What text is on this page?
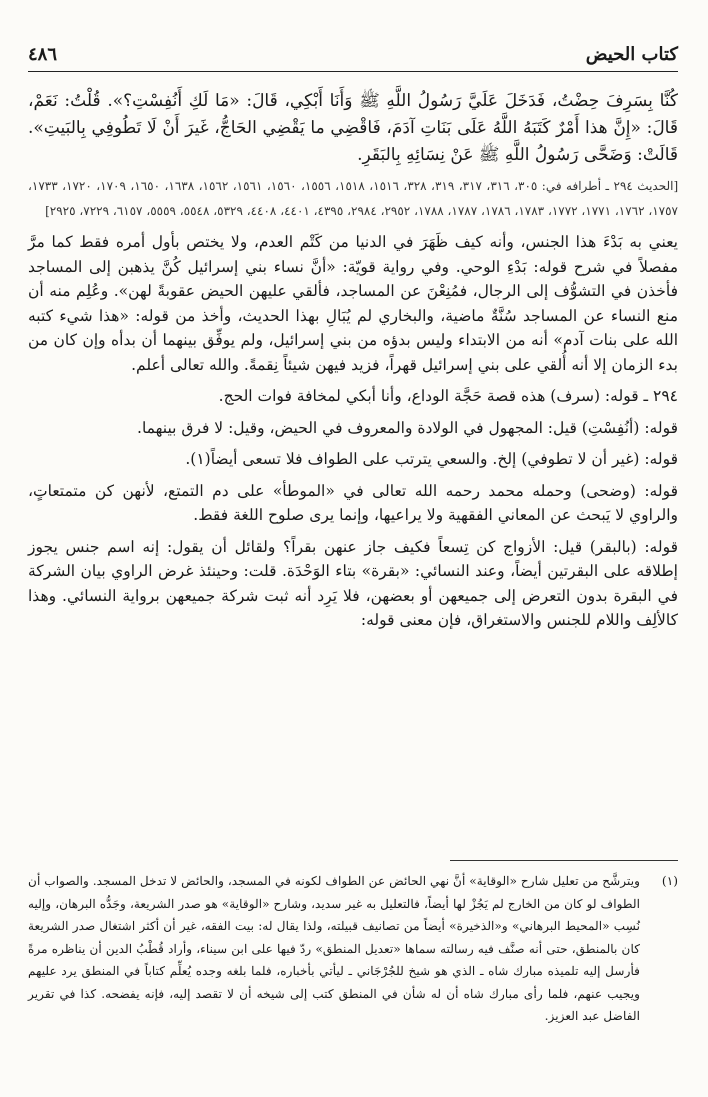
٤٨٦	كتاب الحيض
كُنَّا بِسَرِفَ حِضْتُ، فَدَخَلَ عَلَيَّ رَسُولُ اللَّهِ ﷺ وَأَنَا أَبْكِي، قَالَ: «مَا لَكِ أَنُفِسْتِ؟». قُلْتُ: نَعَمْ، قَالَ: «إِنَّ هذا أَمْرٌ كَتَبَهُ اللَّهُ عَلَى بَنَاتِ آدَمَ، فَاقْضِي ما يَقْضِي الحَاجُّ، غَيرَ أَنْ لَا تَطُوفِي بِالبَيتِ». قَالَتْ: وَضَحَّى رَسُولُ اللَّهِ ﷺ عَنْ نِسَائِهِ بِالبَقَرِ.
[الحديث ٢٩٤ ـ أطرافه في: ٣٠٥، ٣١٦، ٣١٧، ٣١٩، ٣٢٨، ١٥١٦، ١٥١٨، ١٥٥٦، ١٥٦٠، ١٥٦١، ١٥٦٢، ١٦٣٨، ١٦٥٠، ١٧٠٩، ١٧٢٠، ١٧٣٣، ١٧٥٧، ١٧٦٢، ١٧٧١، ١٧٧٢، ١٧٨٣، ١٧٨٦، ١٧٨٧، ١٧٨٨، ٢٩٥٢، ٢٩٨٤، ٤٣٩٥، ٤٤٠١، ٤٤٠٨، ٥٣٢٩، ٥٥٤٨، ٥٥٥٩، ٦١٥٧، ٧٢٢٩، ٢٩٢٥]
يعني به بَدْءَ هذا الجنس، وأنه كيف ظَهَرَ في الدنيا من كَتْم العدم، ولا يختص بأول أمره فقط كما مرَّ مفصلاً في شرح قوله: بَدْءِ الوحي. وفي رواية قويّة: «أنَّ نساء بني إسرائيل كُنَّ يذهبن إلى المساجد فأخذن في التشوُّف إلى الرجال، فمُنِعْنَ عن المساجد، فألقي عليهن الحيض عقوبةً لهن». وعُلِم منه أن منع النساء عن المساجد سُنَّةٌ ماضية، والبخاري لم يُبَالِ بهذا الحديث، وأخذ من قوله: «هذا شيء كتبه الله على بنات آدم» أنه من الابتداء وليس بدؤه من بني إسرائيل، ولم يوفِّق بينهما أن بدأه وإن كان من بدء الزمان إلا أنه أُلقي على بني إسرائيل قهراً، فزيد فيهن شيئاً نِقمةً. والله تعالى أعلم.
٢٩٤ ـ قوله: (سرف) هذه قصة حَجَّة الوداع، وأنا أبكي لمخافة فوات الحج.
قوله: (أنُفِسْتِ) قيل: المجهول في الولادة والمعروف في الحيض، وقيل: لا فرق بينهما.
قوله: (غير أن لا تطوفي) إلخ. والسعي يترتب على الطواف فلا تسعى أيضاً(١).
قوله: (وضحى) وحمله محمد رحمه الله تعالى في «الموطأ» على دم التمتع، لأنهن كن متمتعاتٍ، والراوي لا يَبحث عن المعاني الفقهية ولا يراعيها، وإنما يرى صلوح اللغة فقط.
قوله: (بالبقر) قيل: الأزواج كن تِسعاً فكيف جاز عنهن بقراً؟ ولقائل أن يقول: إنه اسم جنس يجوز إطلاقه على البقرتين أيضاً، وعند النسائي: «بقرة» بتاء الوَحْدَة. قلت: وحينئذ غرض الراوي بيان الشركة في البقرة بدون التعرض إلى جميعهن أو بعضهن، فلا يَرِد أنه ثبت شركة جميعهن برواية النسائي. وهذا كالألِف واللام للجنس والاستغراق، فإن معنى قوله:
(١)
ويترشَّح من تعليل شارح «الوقاية» أنَّ نهي الحائض عن الطواف لكونه في المسجد، والحائض لا تدخل المسجد. والصواب أن الطواف لو كان من الخارج لم يَجُزْ لها أيضاً، فالتعليل به غير سديد، وشارح «الوقاية» هو صدر الشريعة، وجَدُّه البرهان، وإليه نُسِب «المحيط البرهاني» و«الذخيرة» أيضاً من تصانيف قبيلته، ولذا يقال له: بيت الفقه، غير أن أكثر اشتغال صدر الشريعة كان بالمنطق، حتى أنه صنَّف فيه رسالته سماها «تعديل المنطق» ردّ فيها على ابن سيناء، وأراد قُطْبُ الدين أن يناظره مرةً فأرسل إليه تلميذه مبارك شاه ـ الذي هو شيخ للجُرْجَاني ـ ليأتي بأخباره، فلما بلغه وجده يُعلِّم كتاباً في المنطق يرد عليهم ويجيب عنهم، فلما رأى مبارك شاه أن له شأن في المنطق كتب إلى شيخه أن لا تقصد إليه، فإنه يفضحه. كذا في تقرير الفاضل عبد العزيز.
